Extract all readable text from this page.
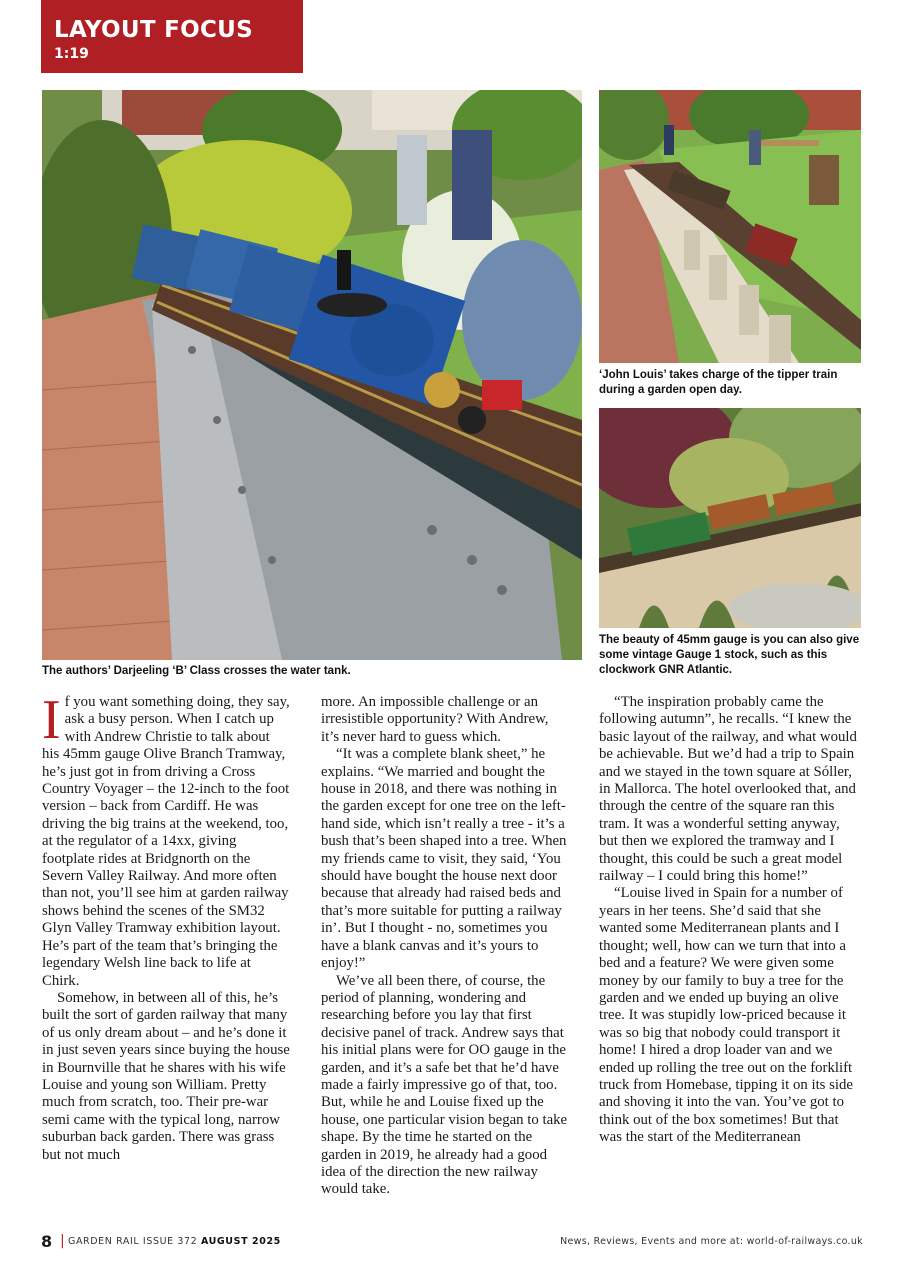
LAYOUT FOCUS
1:19
The authors’ Darjeeling ‘B’ Class crosses the water tank.
‘John Louis’ takes charge of the tipper train during a garden open day.
The beauty of 45mm gauge is you can also give some vintage Gauge 1 stock, such as this clockwork GNR Atlantic.

If you want something doing, they say, ask a busy person. When I catch up with Andrew Christie to talk about his 45mm gauge Olive Branch Tramway, he’s just got in from driving a Cross Country Voyager – the 12-inch to the foot version – back from Cardiff. He was driving the big trains at the weekend, too, at the regulator of a 14xx, giving footplate rides at Bridgnorth on the Severn Valley Railway. And more often than not, you’ll see him at garden railway shows behind the scenes of the SM32 Glyn Valley Tramway exhibition layout. He’s part of the team that’s bringing the legendary Welsh line back to life at Chirk.

Somehow, in between all of this, he’s built the sort of garden railway that many of us only dream about – and he’s done it in just seven years since buying the house in Bournville that he shares with his wife Louise and young son William. Pretty much from scratch, too. Their pre-war semi came with the typical long, narrow suburban back garden. There was grass but not much

more. An impossible challenge or an irresistible opportunity? With Andrew, it’s never hard to guess which.

“It was a complete blank sheet,” he explains. “We married and bought the house in 2018, and there was nothing in the garden except for one tree on the left-hand side, which isn’t really a tree - it’s a bush that’s been shaped into a tree. When my friends came to visit, they said, ‘You should have bought the house next door because that already had raised beds and that’s more suitable for putting a railway in’. But I thought - no, sometimes you have a blank canvas and it’s yours to enjoy!”

We’ve all been there, of course, the period of planning, wondering and researching before you lay that first decisive panel of track. Andrew says that his initial plans were for OO gauge in the garden, and it’s a safe bet that he’d have made a fairly impressive go of that, too. But, while he and Louise fixed up the house, one particular vision began to take shape. By the time he started on the garden in 2019, he already had a good idea of the direction the new railway would take.

“The inspiration probably came the following autumn”, he recalls. “I knew the basic layout of the railway, and what would be achievable. But we’d had a trip to Spain and we stayed in the town square at Sóller, in Mallorca. The hotel overlooked that, and through the centre of the square ran this tram. It was a wonderful setting anyway, but then we explored the tramway and I thought, this could be such a great model railway – I could bring this home!”

“Louise lived in Spain for a number of years in her teens. She’d said that she wanted some Mediterranean plants and I thought; well, how can we turn that into a bed and a feature? We were given some money by our family to buy a tree for the garden and we ended up buying an olive tree. It was stupidly low-priced because it was so big that nobody could transport it home! I hired a drop loader van and we ended up rolling the tree out on the forklift truck from Homebase, tipping it on its side and shoving it into the van. You’ve got to think out of the box sometimes! But that was the start of the Mediterranean

8 | GARDEN RAIL ISSUE 372 AUGUST 2025	News, Reviews, Events and more at: world-of-railways.co.uk
